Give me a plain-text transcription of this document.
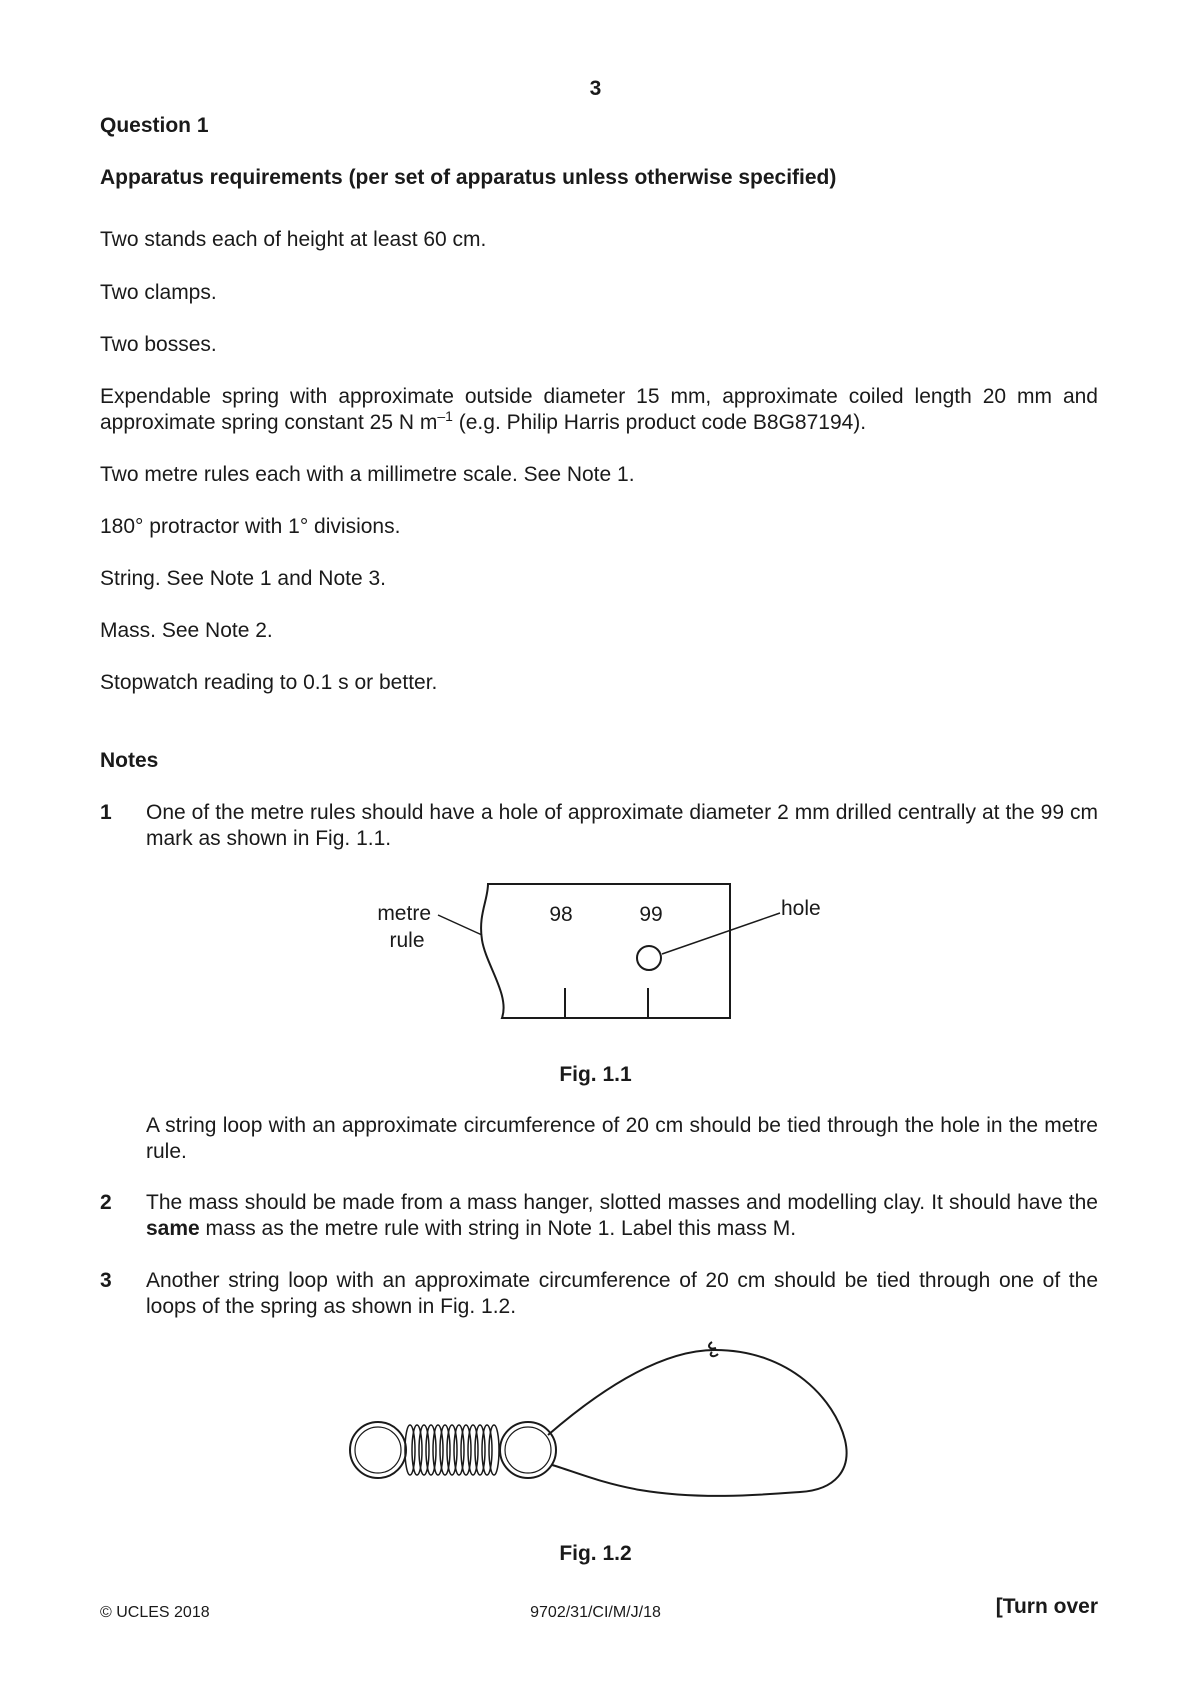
3
Question 1
Apparatus requirements (per set of apparatus unless otherwise specified)
Two stands each of height at least 60 cm.
Two clamps.
Two bosses.
Expendable spring with approximate outside diameter 15 mm, approximate coiled length 20 mm and approximate spring constant 25 N $m^{-1}$ (e.g. Philip Harris product code B8G87194).
Two metre rules each with a millimetre scale. See Note 1.
180° protractor with 1° divisions.
String. See Note 1 and Note 3.
Mass. See Note 2.
Stopwatch reading to 0.1 s or better.
Notes
1 One of the metre rules should have a hole of approximate diameter 2 mm drilled centrally at the 99 cm mark as shown in Fig. 1.1.
metre
rule
98	99	hole
Fig. 1.1
A string loop with an approximate circumference of 20 cm should be tied through the hole in the metre rule.
2 The mass should be made from a mass hanger, slotted masses and modelling clay. It should have the same mass as the metre rule with string in Note 1. Label this mass M.
3 Another string loop with an approximate circumference of 20 cm should be tied through one of the loops of the spring as shown in Fig. 1.2.
Fig. 1.2
© UCLES 2018	9702/31/CI/M/J/18	[Turn over
